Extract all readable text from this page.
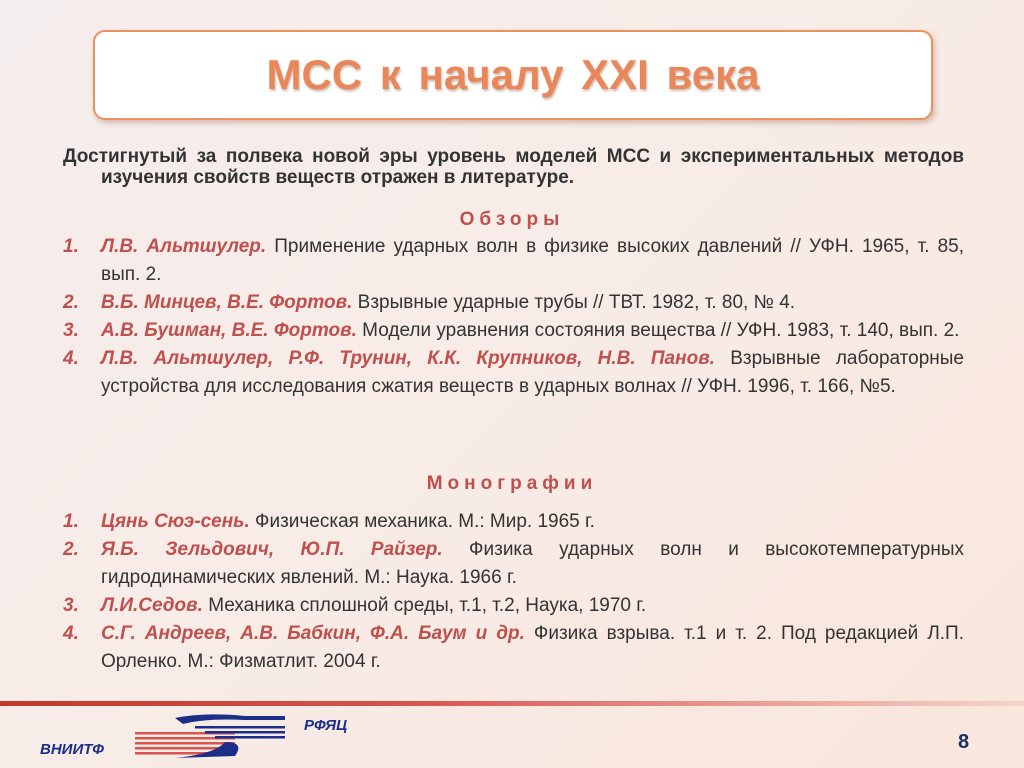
МСС к началу XXI века
Достигнутый за полвека новой эры уровень моделей МСС и экспериментальных методов изучения свойств веществ отражен в литературе.
Обзоры
1. Л.В. Альтшулер. Применение ударных волн в физике высоких давлений // УФН. 1965, т. 85, вып. 2.
2. В.Б. Минцев, В.Е. Фортов. Взрывные ударные трубы // ТВТ. 1982, т. 80, № 4.
3. А.В. Бушман, В.Е. Фортов. Модели уравнения состояния вещества // УФН. 1983, т. 140, вып. 2.
4. Л.В. Альтшулер, Р.Ф. Трунин, К.К. Крупников, Н.В. Панов. Взрывные лабораторные устройства для исследования сжатия веществ в ударных волнах // УФН. 1996, т. 166, №5.
Монографии
1. Цянь Сюэ-сень. Физическая механика. М.: Мир. 1965 г.
2. Я.Б. Зельдович, Ю.П. Райзер. Физика ударных волн и высокотемпературных гидродинамических явлений. М.: Наука. 1966 г.
3. Л.И.Седов. Механика сплошной среды, т.1, т.2, Наука, 1970 г.
4. С.Г. Андреев, А.В. Бабкин, Ф.А. Баум и др. Физика взрыва. т.1 и т. 2. Под редакцией Л.П. Орленко. М.: Физматлит. 2004 г.
ВНИИТФ
РФЯЦ
8
